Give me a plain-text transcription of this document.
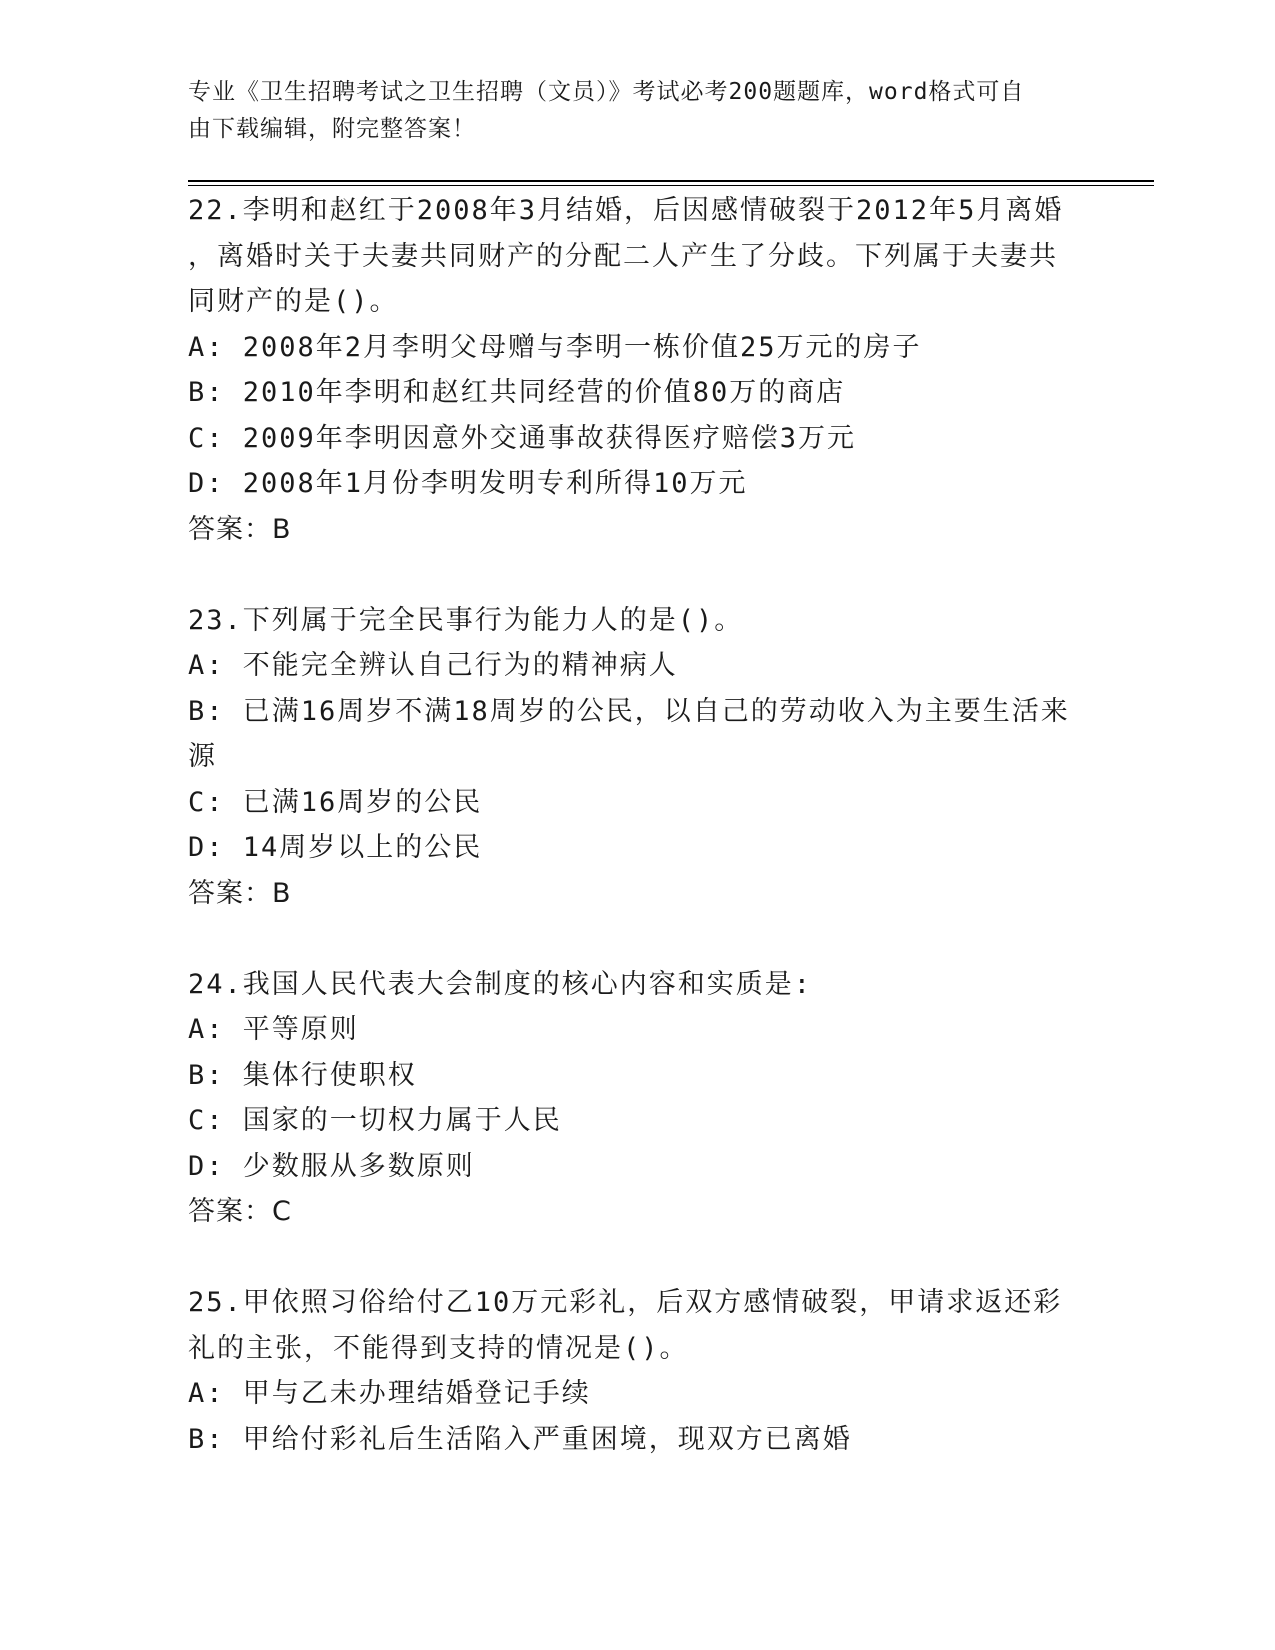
专业《卫生招聘考试之卫生招聘（文员）》考试必考200题题库，word格式可自
由下载编辑，附完整答案！
22.李明和赵红于2008年3月结婚，后因感情破裂于2012年5月离婚
，离婚时关于夫妻共同财产的分配二人产生了分歧。下列属于夫妻共
同财产的是()。
A: 2008年2月李明父母赠与李明一栋价值25万元的房子
B: 2010年李明和赵红共同经营的价值80万的商店
C: 2009年李明因意外交通事故获得医疗赔偿3万元
D: 2008年1月份李明发明专利所得10万元
答案：B
23.下列属于完全民事行为能力人的是()。
A: 不能完全辨认自己行为的精神病人
B: 已满16周岁不满18周岁的公民，以自己的劳动收入为主要生活来
源
C: 已满16周岁的公民
D: 14周岁以上的公民
答案：B
24.我国人民代表大会制度的核心内容和实质是:
A: 平等原则
B: 集体行使职权
C: 国家的一切权力属于人民
D: 少数服从多数原则
答案：C
25.甲依照习俗给付乙10万元彩礼，后双方感情破裂，甲请求返还彩
礼的主张，不能得到支持的情况是()。
A: 甲与乙未办理结婚登记手续
B: 甲给付彩礼后生活陷入严重困境，现双方已离婚
